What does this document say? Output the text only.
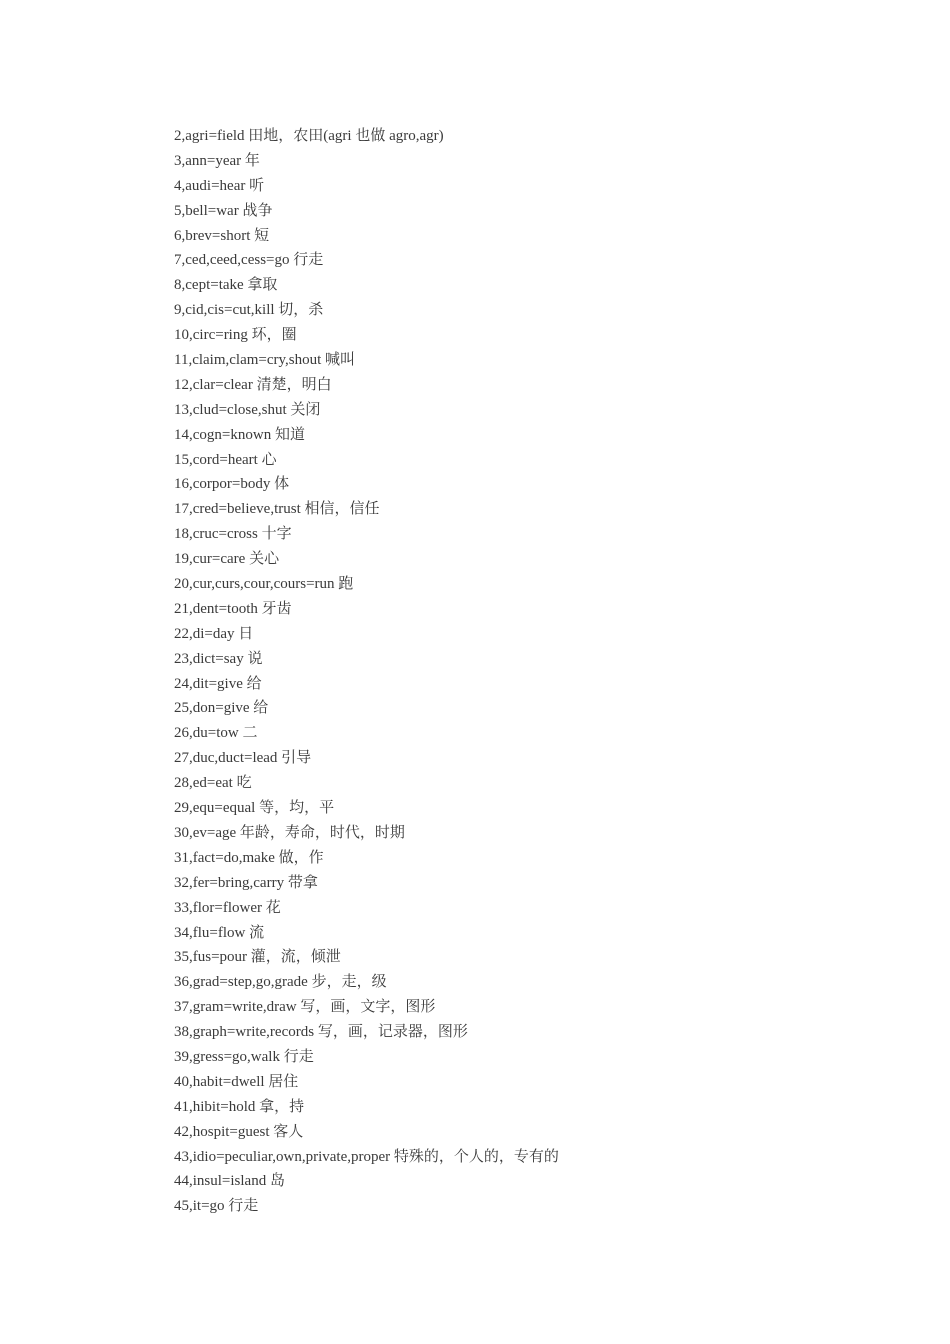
2,agri=field 田地，农田(agri 也做 agro,agr)
3,ann=year 年
4,audi=hear 听
5,bell=war 战争
6,brev=short 短
7,ced,ceed,cess=go 行走
8,cept=take 拿取
9,cid,cis=cut,kill 切，杀
10,circ=ring 环，圈
11,claim,clam=cry,shout 喊叫
12,clar=clear 清楚，明白
13,clud=close,shut 关闭
14,cogn=known 知道
15,cord=heart 心
16,corpor=body 体
17,cred=believe,trust 相信，信任
18,cruc=cross 十字
19,cur=care 关心
20,cur,curs,cour,cours=run 跑
21,dent=tooth 牙齿
22,di=day 日
23,dict=say 说
24,dit=give 给
25,don=give 给
26,du=tow 二
27,duc,duct=lead 引导
28,ed=eat 吃
29,equ=equal 等，均，平
30,ev=age 年龄，寿命，时代，时期
31,fact=do,make 做，作
32,fer=bring,carry 带拿
33,flor=flower 花
34,flu=flow 流
35,fus=pour 灌，流，倾泄
36,grad=step,go,grade 步，走，级
37,gram=write,draw 写，画，文字，图形
38,graph=write,records 写，画，记录器，图形
39,gress=go,walk 行走
40,habit=dwell 居住
41,hibit=hold 拿，持
42,hospit=guest 客人
43,idio=peculiar,own,private,proper 特殊的，个人的，专有的
44,insul=island 岛
45,it=go 行走
